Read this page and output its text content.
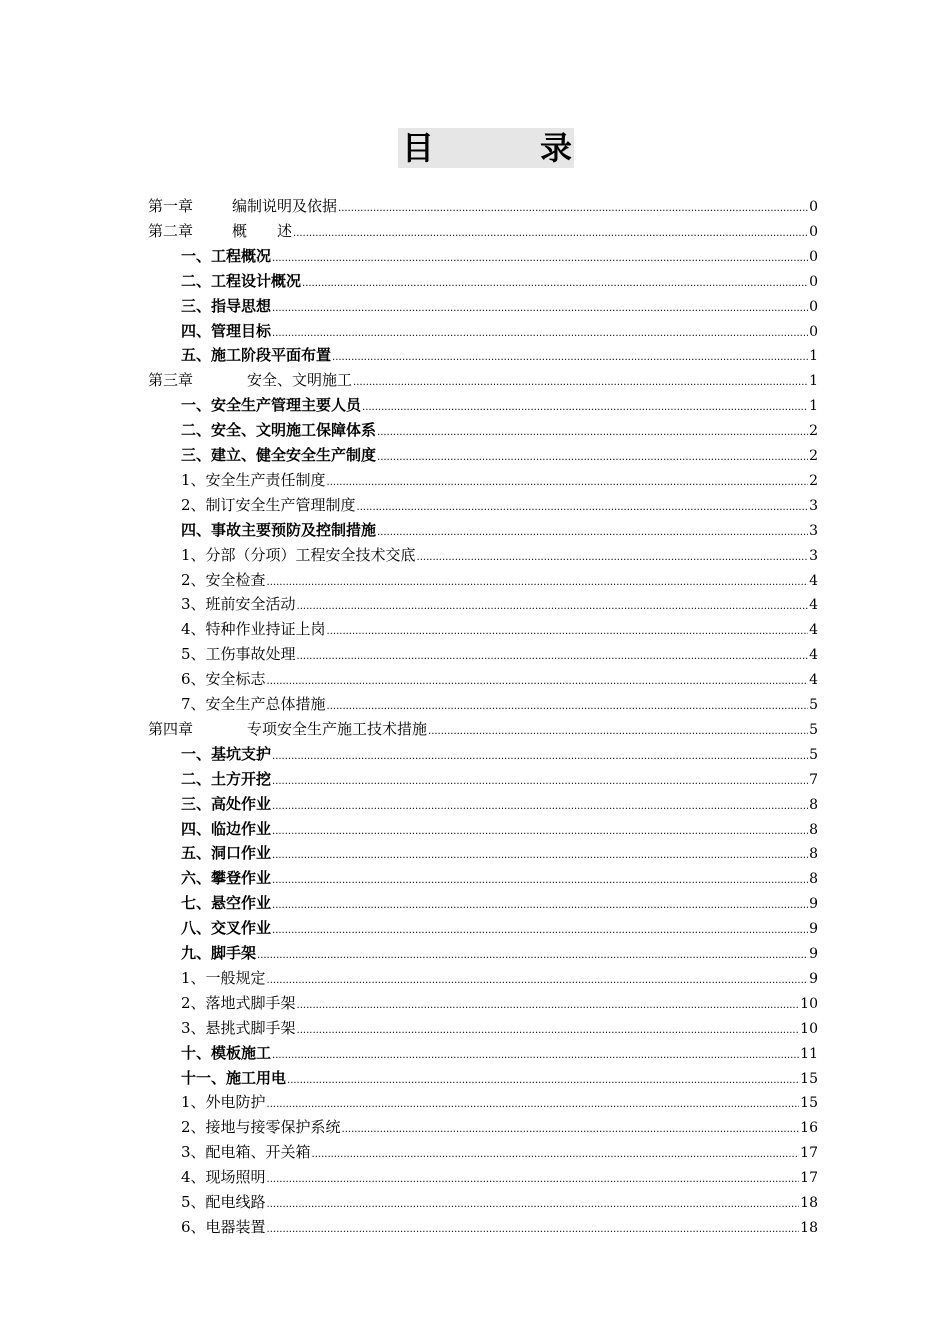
目	录
第一章	编制说明及依据 .....	0
第二章	概　　述 .....	0
一、工程概况 .....	0
二、工程设计概况 .....	0
三、指导思想 .....	0
四、管理目标 .....	0
五、施工阶段平面布置 .....	1
第三章	　安全、文明施工 .....	1
一、安全生产管理主要人员 .....	1
二、安全、文明施工保障体系 .....	2
三、建立、健全安全生产制度 .....	2
1、安全生产责任制度 .....	2
2、制订安全生产管理制度 .....	3
四、事故主要预防及控制措施 .....	3
1、分部（分项）工程安全技术交底 .....	3
2、安全检查 .....	4
3、班前安全活动 .....	4
4、特种作业持证上岗 .....	4
5、工伤事故处理 .....	4
6、安全标志 .....	4
7、安全生产总体措施 .....	5
第四章	　专项安全生产施工技术措施 .....	5
一、基坑支护 .....	5
二、土方开挖 .....	7
三、高处作业 .....	8
四、临边作业 .....	8
五、洞口作业 .....	8
六、攀登作业 .....	8
七、悬空作业 .....	9
八、交叉作业 .....	9
九、脚手架 .....	9
1、一般规定 .....	9
2、落地式脚手架 .....	10
3、悬挑式脚手架 .....	10
十、模板施工 .....	11
十一、施工用电 .....	15
1、外电防护 .....	15
2、接地与接零保护系统 .....	16
3、配电箱、开关箱 .....	17
4、现场照明 .....	17
5、配电线路 .....	18
6、电器装置 .....	18
